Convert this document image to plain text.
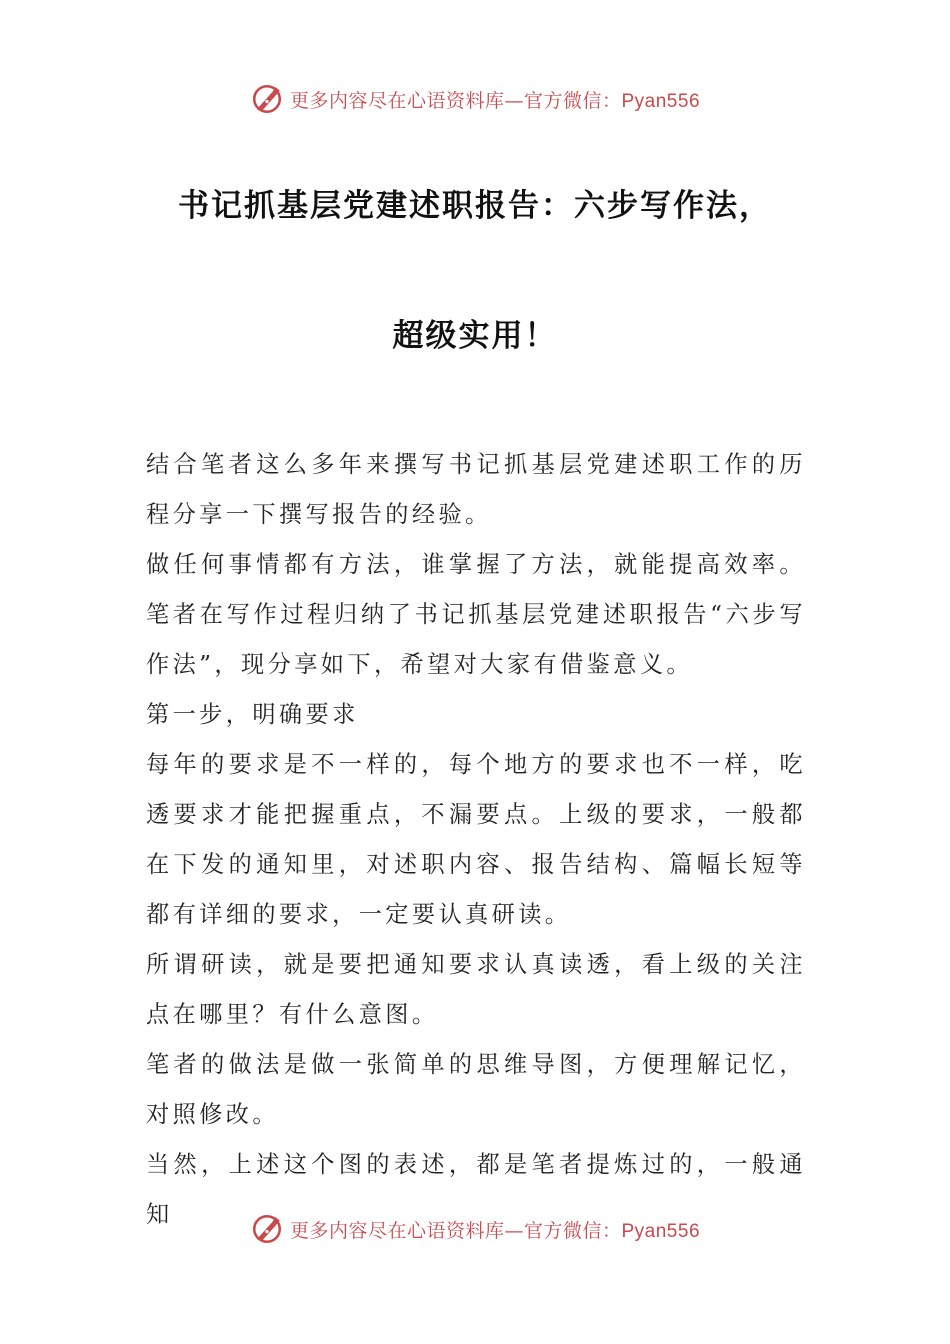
更多内容尽在心语资料库—官方微信：Pyan556
书记抓基层党建述职报告：六步写作法，
超级实用！

结合笔者这么多年来撰写书记抓基层党建述职工作的历程分享一下撰写报告的经验。

做任何事情都有方法，谁掌握了方法，就能提高效率。笔者在写作过程归纳了书记抓基层党建述职报告“六步写作法”，现分享如下，希望对大家有借鉴意义。

第一步，明确要求

每年的要求是不一样的，每个地方的要求也不一样，吃透要求才能把握重点，不漏要点。上级的要求，一般都在下发的通知里，对述职内容、报告结构、篇幅长短等都有详细的要求，一定要认真研读。

所谓研读，就是要把通知要求认真读透，看上级的关注点在哪里？有什么意图。

笔者的做法是做一张简单的思维导图，方便理解记忆，对照修改。

当然，上述这个图的表述，都是笔者提炼过的，一般通知

更多内容尽在心语资料库—官方微信：Pyan556
